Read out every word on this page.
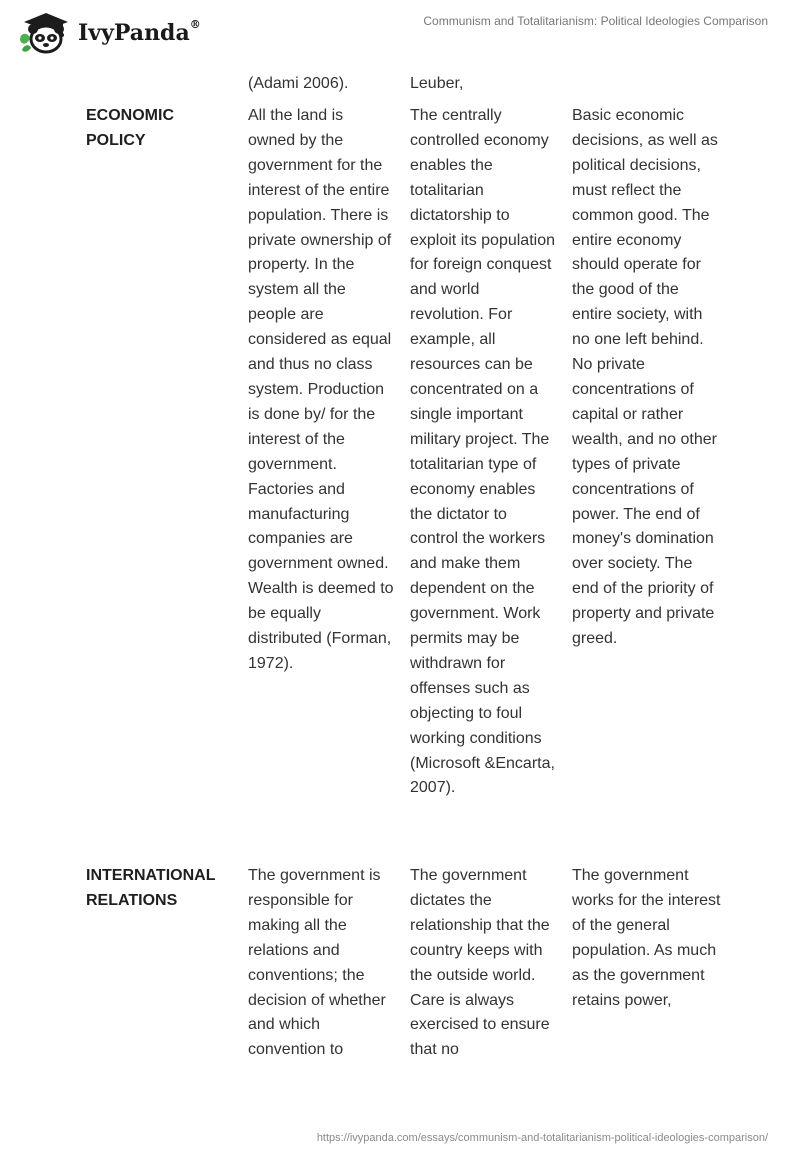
IvyPanda®	Communism and Totalitarianism: Political Ideologies Comparison
(Adami 2006).	Leuber,
ECONOMIC POLICY
All the land is owned by the government for the interest of the entire population. There is private ownership of property. In the system all the people are considered as equal and thus no class system. Production is done by/ for the interest of the government. Factories and manufacturing companies are government owned. Wealth is deemed to be equally distributed (Forman, 1972).
The centrally controlled economy enables the totalitarian dictatorship to exploit its population for foreign conquest and world revolution. For example, all resources can be concentrated on a single important military project. The totalitarian type of economy enables the dictator to control the workers and make them dependent on the government. Work permits may be withdrawn for offenses such as objecting to foul working conditions (Microsoft &Encarta, 2007).
Basic economic decisions, as well as political decisions, must reflect the common good. The entire economy should operate for the good of the entire society, with no one left behind. No private concentrations of capital or rather wealth, and no other types of private concentrations of power. The end of money's domination over society. The end of the priority of property and private greed.
INTERNATIONAL RELATIONS
The government is responsible for making all the relations and conventions; the decision of whether and which convention to
The government dictates the relationship that the country keeps with the outside world. Care is always exercised to ensure that no
The government works for the interest of the general population. As much as the government retains power,
https://ivypanda.com/essays/communism-and-totalitarianism-political-ideologies-comparison/
